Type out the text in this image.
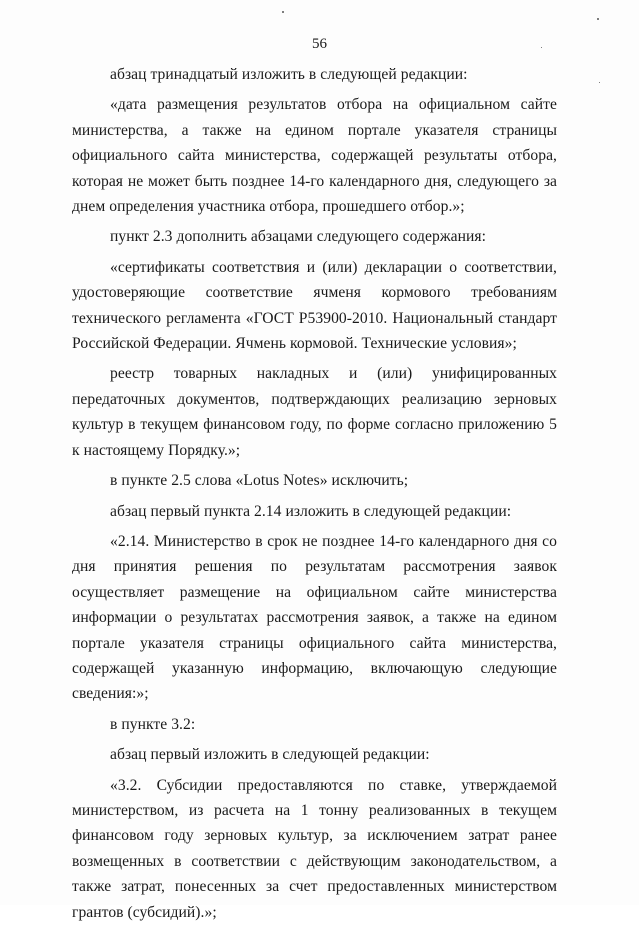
56

абзац тринадцатый изложить в следующей редакции:

«дата размещения результатов отбора на официальном сайте министерства, а также на едином портале указателя страницы официального сайта министерства, содержащей результаты отбора, которая не может быть позднее 14-го календарного дня, следующего за днем определения участника отбора, прошедшего отбор.»;

пункт 2.3 дополнить абзацами следующего содержания:

«сертификаты соответствия и (или) декларации о соответствии, удостоверяющие соответствие ячменя кормового требованиям технического регламента «ГОСТ Р53900-2010. Национальный стандарт Российской Федерации. Ячмень кормовой. Технические условия»;

реестр товарных накладных и (или) унифицированных передаточных документов, подтверждающих реализацию зерновых культур в текущем финансовом году, по форме согласно приложению 5 к настоящему Порядку.»;

в пункте 2.5 слова «Lotus Notes» исключить;

абзац первый пункта 2.14 изложить в следующей редакции:

«2.14. Министерство в срок не позднее 14-го календарного дня со дня принятия решения по результатам рассмотрения заявок осуществляет размещение на официальном сайте министерства информации о результатах рассмотрения заявок, а также на едином портале указателя страницы официального сайта министерства, содержащей указанную информацию, включающую следующие сведения:»;

в пункте 3.2:

абзац первый изложить в следующей редакции:

«3.2. Субсидии предоставляются по ставке, утверждаемой министерством, из расчета на 1 тонну реализованных в текущем финансовом году зерновых культур, за исключением затрат ранее возмещенных в соответствии с действующим законодательством, а также затрат, понесенных за счет предоставленных министерством грантов (субсидий).»;
